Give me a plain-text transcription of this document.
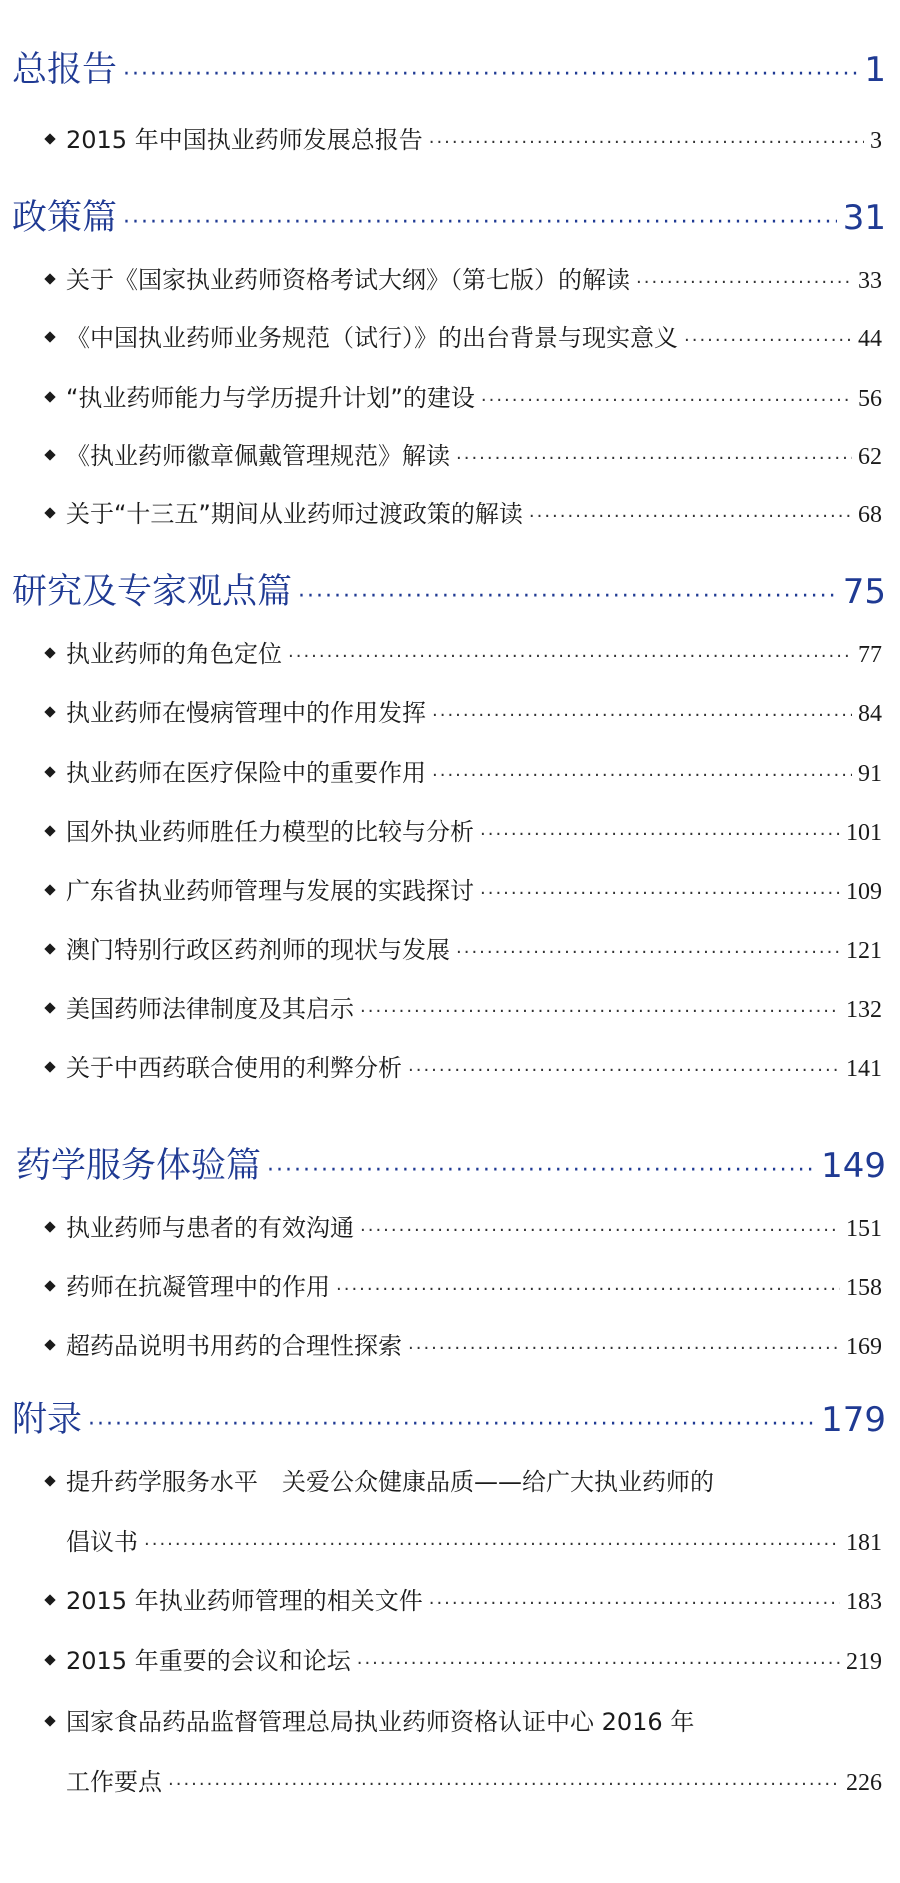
总报告 ·····	1
2015 年中国执业药师发展总报告 ·····	3
政策篇 ·····	31
关于《国家执业药师资格考试大纲》（第七版）的解读 ·····	33
《中国执业药师业务规范（试行）》的出台背景与现实意义 ·····	44
“执业药师能力与学历提升计划”的建设 ·····	56
《执业药师徽章佩戴管理规范》解读 ·····	62
关于“十三五”期间从业药师过渡政策的解读 ·····	68
研究及专家观点篇 ·····	75
执业药师的角色定位 ·····	77
执业药师在慢病管理中的作用发挥 ·····	84
执业药师在医疗保险中的重要作用 ·····	91
国外执业药师胜任力模型的比较与分析 ·····	101
广东省执业药师管理与发展的实践探讨 ·····	109
澳门特别行政区药剂师的现状与发展 ·····	121
美国药师法律制度及其启示 ·····	132
关于中西药联合使用的利弊分析 ·····	141
药学服务体验篇 ·····	149
执业药师与患者的有效沟通 ·····	151
药师在抗凝管理中的作用 ·····	158
超药品说明书用药的合理性探索 ·····	169
附录 ·····	179
提升药学服务水平　关爱公众健康品质——给广大执业药师的
倡议书 ·····	181
2015 年执业药师管理的相关文件 ·····	183
2015 年重要的会议和论坛 ·····	219
国家食品药品监督管理总局执业药师资格认证中心 2016 年
工作要点 ·····	226
